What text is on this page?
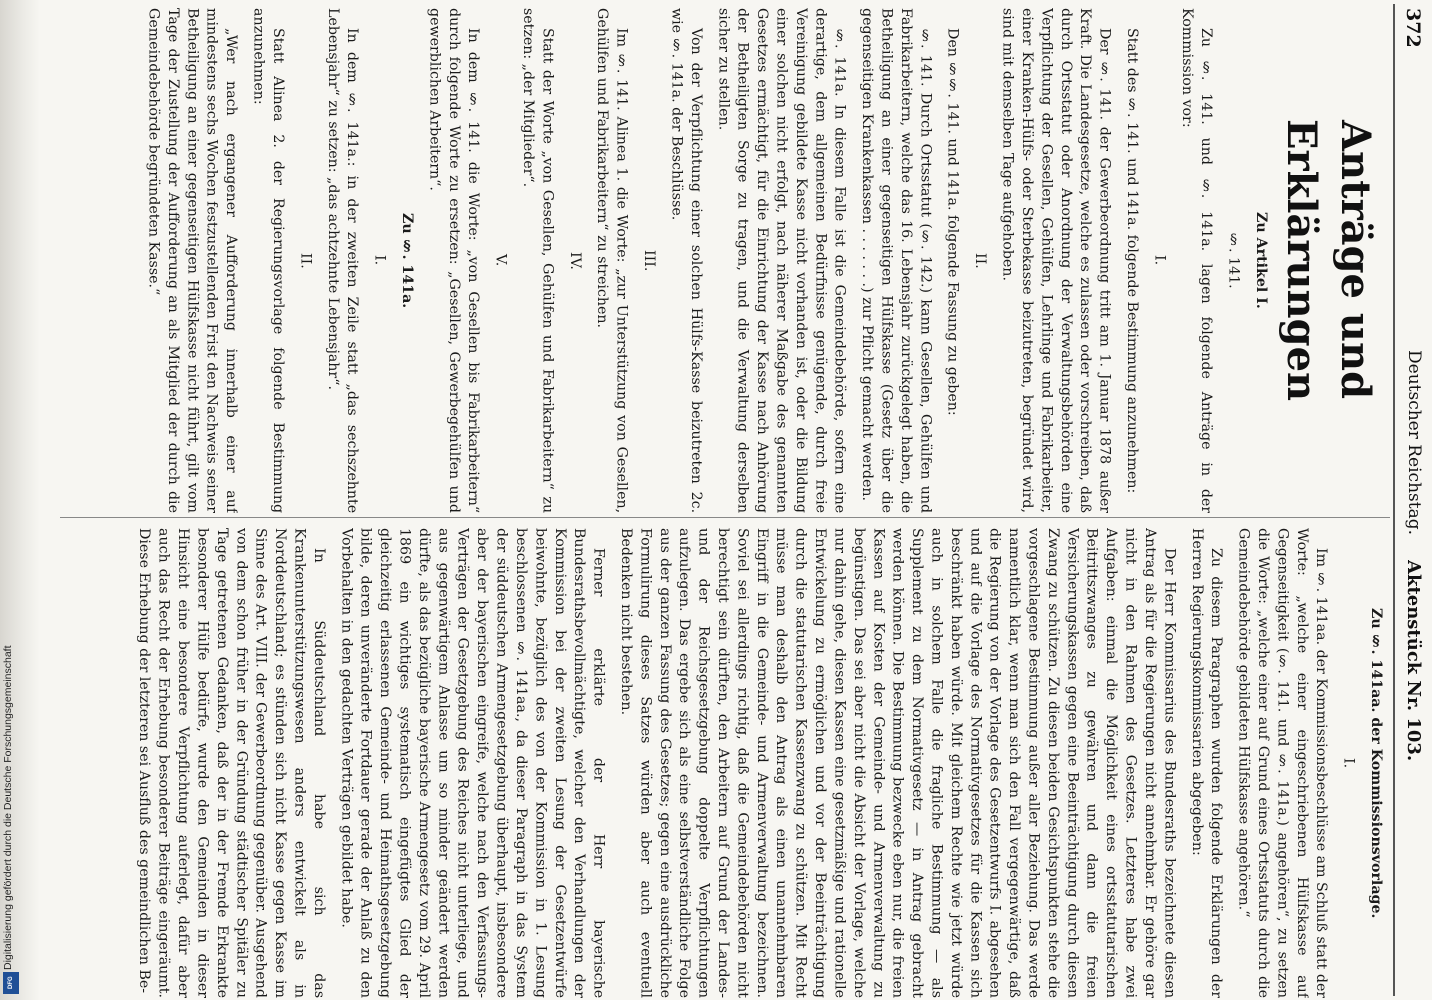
Digitalisierung gefördert durch die Deutsche Forschungsgemeinschaft
DFG
372
Deutscher Reichstag.
Aktenstück Nr. 103.
Anträge und Erklärungen

Zu Artikel I.

§. 141.

Zu §. 141. und §. 141a. lagen folgende Anträge in der Kommission vor:

I.

Statt des §. 141. und 141a. folgende Bestimmung anzunehmen:

Der §. 141. der Gewerbeordnung tritt am 1. Januar 1878 außer Kraft. Die Landesgesetze, welche es zulassen oder vorschreiben, daß durch Ortsstatut oder Anordnung der Verwaltungsbehörden eine Verpflichtung der Gesellen, Gehülfen, Lehrlinge und Fabrikarbeiter, einer Kranken-Hülfs- oder Sterbekasse beizutreten, begründet wird, sind mit demselben Tage aufgehoben.

II.

Den §§. 141. und 141a. folgende Fassung zu geben:

§. 141. Durch Ortsstatut (§. 142.) kann Gesellen, Gehülfen und Fabrikarbeitern, welche das 16. Lebensjahr zurückgelegt haben, die Betheiligung an einer gegenseitigen Hülfskasse (Gesetz über die gegenseitigen Krankenkassen . . . . . . .) zur Pflicht gemacht werden.

§. 141a. In diesem Falle ist die Gemeindebehörde, sofern eine derartige, dem allgemeinen Bedürfnisse genügende, durch freie Vereinigung gebildete Kasse nicht vorhanden ist, oder die Bildung einer solchen nicht erfolgt, nach näherer Maßgabe des genannten Gesetzes ermächtigt, für die Einrichtung der Kasse nach Anhörung der Betheiligten Sorge zu tragen, und die Verwaltung derselben sicher zu stellen.

Von der Verpflichtung einer solchen Hülfs-Kasse beizutreten 2c. wie §. 141a. der Beschlüsse.

III.

Im §. 141. Alinea 1. die Worte: „zur Unterstützung von Gesellen, Gehülfen und Fabrikarbeitern“ zu streichen.

IV.

Statt der Worte „von Gesellen, Gehülfen und Fabrikarbeitern“ zu setzen: „der Mitglieder“.

V.

In dem §. 141. die Worte: „von Gesellen bis Fabrikarbeitern“ durch folgende Worte zu ersetzen: „Gesellen, Gewerbegehülfen und gewerblichen Arbeitern“.

Zu §. 141a.

I.

In dem §. 141a.: in der zweiten Zeile statt „das sechszehnte Lebensjahr“ zu setzen: „das achtzehnte Lebensjahr“.

II.

Statt Alinea 2. der Regierungsvorlage folgende Bestimmung anzunehmen:

„Wer nach ergangener Aufforderung innerhalb einer auf mindestens sechs Wochen festzustellenden Frist den Nachweis seiner Betheiligung an einer gegenseitigen Hülfskasse nicht führt, gilt vom Tage der Zustellung der Aufforderung an als Mitglied der durch die Gemeindebehörde begründeten Kasse.“

Zu §. 141aa. der Kommissionsvorlage.

I.

Im §. 141aa. der Kommissionsbeschlüsse am Schluß statt der Worte: „welche einer eingeschriebenen Hülfskasse auf Gegenseitigkeit (§. 141. und §. 141a.) angehören“, zu setzen die Worte: „welche einer auf Grund eines Ortsstatuts durch die Gemeindebehörde gebildeten Hülfskasse angehören.“

Zu diesem Paragraphen wurden folgende Erklärungen der Herren Regierungskommissarien abgegeben:

Der Herr Kommissarius des Bundesraths bezeichnete diesen Antrag als für die Regierungen nicht annehmbar. Er gehöre gar nicht in den Rahmen des Gesetzes. Letzteres habe zwei Aufgaben: einmal die Möglichkeit eines ortsstatutarischen Beitrittszwanges zu gewähren und dann die freien Versicherungskassen gegen eine Beeinträchtigung durch diesen Zwang zu schützen. Zu diesen beiden Gesichtspunkten stehe die vorgeschlagene Bestimmung außer aller Beziehung. Das werde namentlich klar, wenn man sich den Fall vergegenwärtige, daß die Regierung von der Vorlage des Gesetzentwurfs I. abgesehen und auf die Vorlage des Normativgesetzes für die Kassen sich beschränkt haben würde. Mit gleichem Rechte wie jetzt würde auch in solchem Falle die fragliche Bestimmung — als Supplement zu dem Normativgesetz — in Antrag gebracht werden können. Die Bestimmung bezwecke eben nur, die freien Kassen auf Kosten der Gemeinde- und Armenverwaltung zu begünstigen. Das sei aber nicht die Absicht der Vorlage, welche nur dahin gehe, diesen Kassen eine gesetzmäßige und rationelle Entwickelung zu ermöglichen und vor der Beeinträchtigung durch die statutarischen Kassenzwang zu schützen. Mit Recht müsse man deshalb den Antrag als einen unannehmbaren Eingriff in die Gemeinde- und Armenverwaltung bezeichnen. Soviel sei allerdings richtig, daß die Gemeindebehörden nicht berechtigt sein dürften, den Arbeitern auf Grund der Landes- und der Reichsgesetzgebung doppelte Verpflichtungen aufzulegen. Das ergebe sich als eine selbstverständliche Folge aus der ganzen Fassung des Gesetzes; gegen eine ausdrückliche Formulirung dieses Satzes würden aber auch eventuell Bedenken nicht bestehen.

Ferner erklärte der Herr bayerische Bundesrathsbevollmächtigte, welcher den Verhandlungen der Kommission bei der zweiten Lesung der Gesetzentwürfe beiwohnte, bezüglich des von der Kommission in 1. Lesung beschlossenen §. 141aa., da dieser Paragraph in das System der süddeutschen Armengesetzgebung überhaupt, insbesondere aber der bayerischen eingreife, welche nach den Verfassungs-Verträgen der Gesetzgebung des Reiches nicht unterliege, und aus gegenwärtigem Anlasse um so minder geändert werden dürfte, als das bezügliche bayerische Armengesetz vom 29. April 1869 ein wichtiges systematisch eingefügtes Glied der gleichzeitig erlassenen Gemeinde- und Heimathsgesetzgebung bilde, deren unveränderte Fortdauer gerade der Anlaß zu den Vorbehalten in den gedachten Verträgen gebildet habe.

In Süddeutschland habe sich das Krankenunterstützungswesen anders entwickelt als in Norddeutschland; es stünden sich nicht Kasse gegen Kasse im Sinne des Art. VIII. der Gewerbeordnung gegenüber. Ausgehend von dem schon früher in der Gründung städtischer Spitäler zu Tage getretenen Gedanken, daß der in der Fremde Erkrankte besonderer Hülfe bedürfe, wurde den Gemeinden in dieser Hinsicht eine besondere Verpflichtung auferlegt, dafür aber auch das Recht der Erhebung besonderer Beiträge eingeräumt. Diese Erhebung der letzteren sei Ausfluß des gemeindlichen Be-
